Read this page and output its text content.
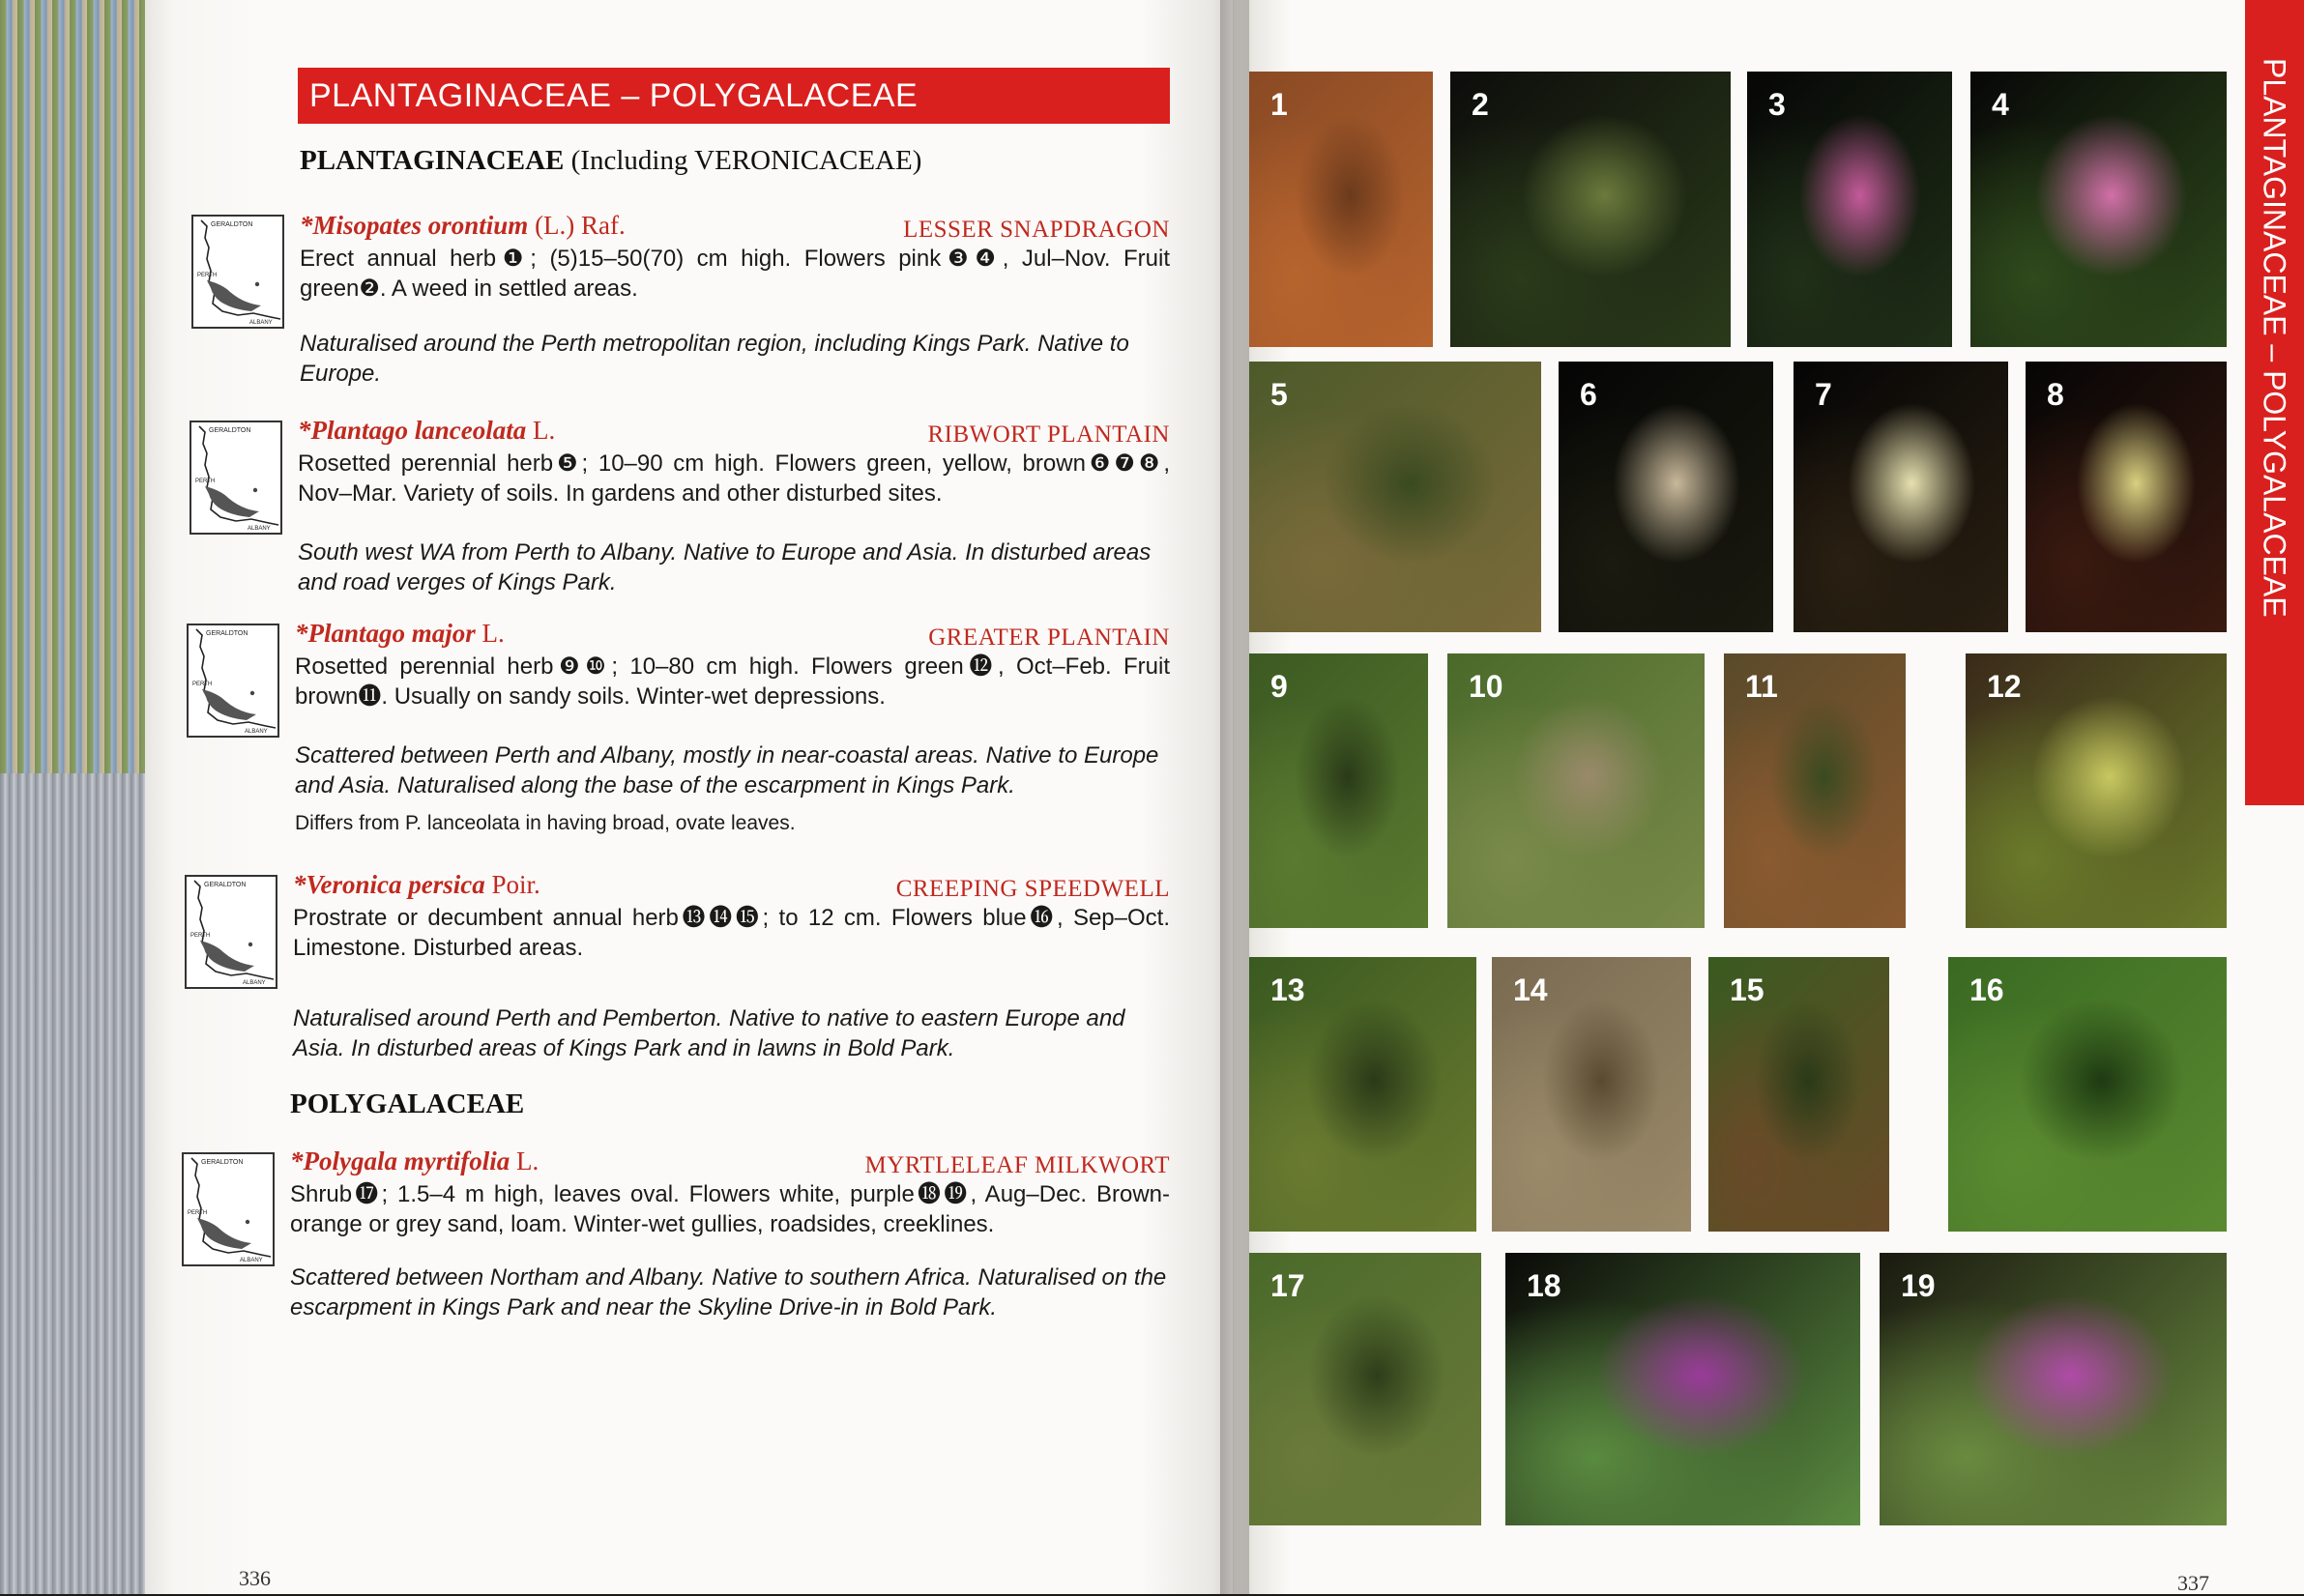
PLANTAGINACEAE – POLYGALACEAE
PLANTAGINACEAE (Including VERONICACEAE)
GERALDTON
PERTH
ALBANY
*Misopates orontium (L.) Raf.	LESSER SNAPDRAGON
Erect annual herb❶; (5)15–50(70) cm high. Flowers pink❸❹, Jul–Nov. Fruit green❷. A weed in settled areas.
Naturalised around the Perth metropolitan region, including Kings Park. Native to Europe.
GERALDTON
PERTH
ALBANY
*Plantago lanceolata L.	RIBWORT PLANTAIN
Rosetted perennial herb❺; 10–90 cm high. Flowers green, yellow, brown❻❼❽, Nov–Mar. Variety of soils. In gardens and other disturbed sites.
South west WA from Perth to Albany. Native to Europe and Asia. In disturbed areas and road verges of Kings Park.
GERALDTON
PERTH
ALBANY
*Plantago major L.	GREATER PLANTAIN
Rosetted perennial herb❾❿; 10–80 cm high. Flowers green⓬, Oct–Feb. Fruit brown⓫. Usually on sandy soils. Winter-wet depressions.
Scattered between Perth and Albany, mostly in near-coastal areas. Native to Europe and Asia. Naturalised along the base of the escarpment in Kings Park.
Differs from P. lanceolata in having broad, ovate leaves.
GERALDTON
PERTH
ALBANY
*Veronica persica Poir.	CREEPING SPEEDWELL
Prostrate or decumbent annual herb⓭⓮⓯; to 12 cm. Flowers blue⓰, Sep–Oct. Limestone. Disturbed areas.
Naturalised around Perth and Pemberton. Native to native to eastern Europe and Asia. In disturbed areas of Kings Park and in lawns in Bold Park.
GERALDTON
PERTH
ALBANY
*Polygala myrtifolia L.	MYRTLELEAF MILKWORT
Shrub⓱; 1.5–4 m high, leaves oval. Flowers white, purple⓲⓳, Aug–Dec. Brown-orange or grey sand, loam. Winter-wet gullies, roadsides, creeklines.
Scattered between Northam and Albany. Native to southern Africa. Naturalised on the escarpment in Kings Park and near the Skyline Drive-in in Bold Park.
POLYGALACEAE
336
1	2	3	4
5	6	7	8
9	10	11	12
13	14	15	16
17	18	19
PLANTAGINACEAE – POLYGALACEAE
337
